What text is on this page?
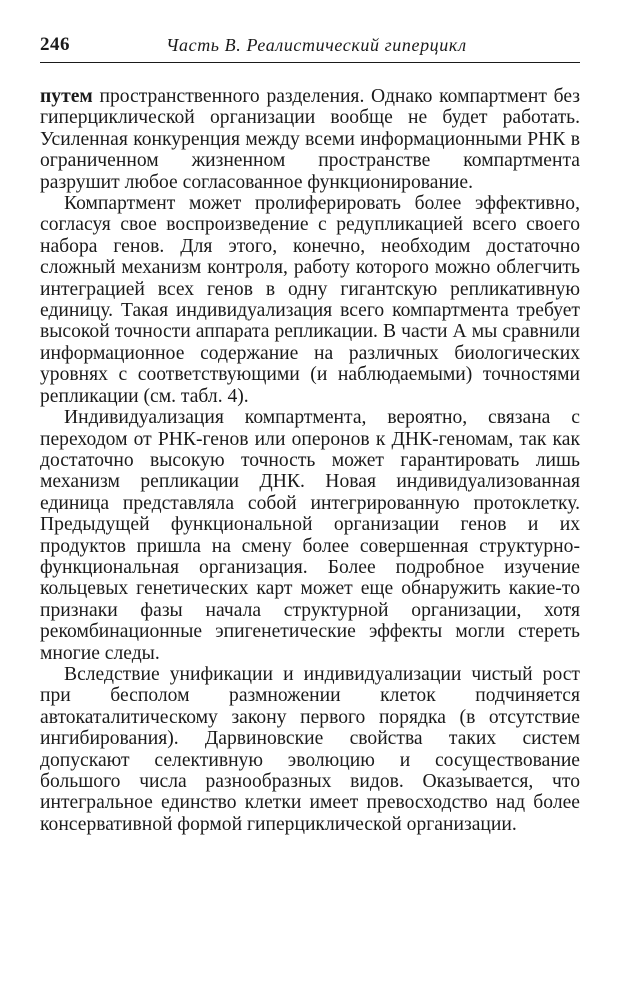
246	Часть В. Реалистический гиперцикл

путем пространственного разделения. Однако компартмент без гиперциклической организации вообще не будет работать. Усиленная конкуренция между всеми информационными РНК в ограниченном жизненном пространстве компартмента разрушит любое согласованное функционирование.

Компартмент может пролиферировать более эффективно, согласуя свое воспроизведение с редупликацией всего своего набора генов. Для этого, конечно, необходим достаточно сложный механизм контроля, работу которого можно облегчить интеграцией всех генов в одну гигантскую репликативную единицу. Такая индивидуализация всего компартмента требует высокой точности аппарата репликации. В части А мы сравнили информационное содержание на различных биологических уровнях с соответствующими (и наблюдаемыми) точностями репликации (см. табл. 4).

Индивидуализация компартмента, вероятно, связана с переходом от РНК-генов или оперонов к ДНК-геномам, так как достаточно высокую точность может гарантировать лишь механизм репликации ДНК. Новая индивидуализованная единица представляла собой интегрированную протоклетку. Предыдущей функциональной организации генов и их продуктов пришла на смену более совершенная структурно-функциональная организация. Более подробное изучение кольцевых генетических карт может еще обнаружить какие-то признаки фазы начала структурной организации, хотя рекомбинационные эпигенетические эффекты могли стереть многие следы.

Вследствие унификации и индивидуализации чистый рост при бесполом размножении клеток подчиняется автокаталитическому закону первого порядка (в отсутствие ингибирования). Дарвиновские свойства таких систем допускают селективную эволюцию и сосуществование большого числа разнообразных видов. Оказывается, что интегральное единство клетки имеет превосходство над более консервативной формой гиперциклической организации.
